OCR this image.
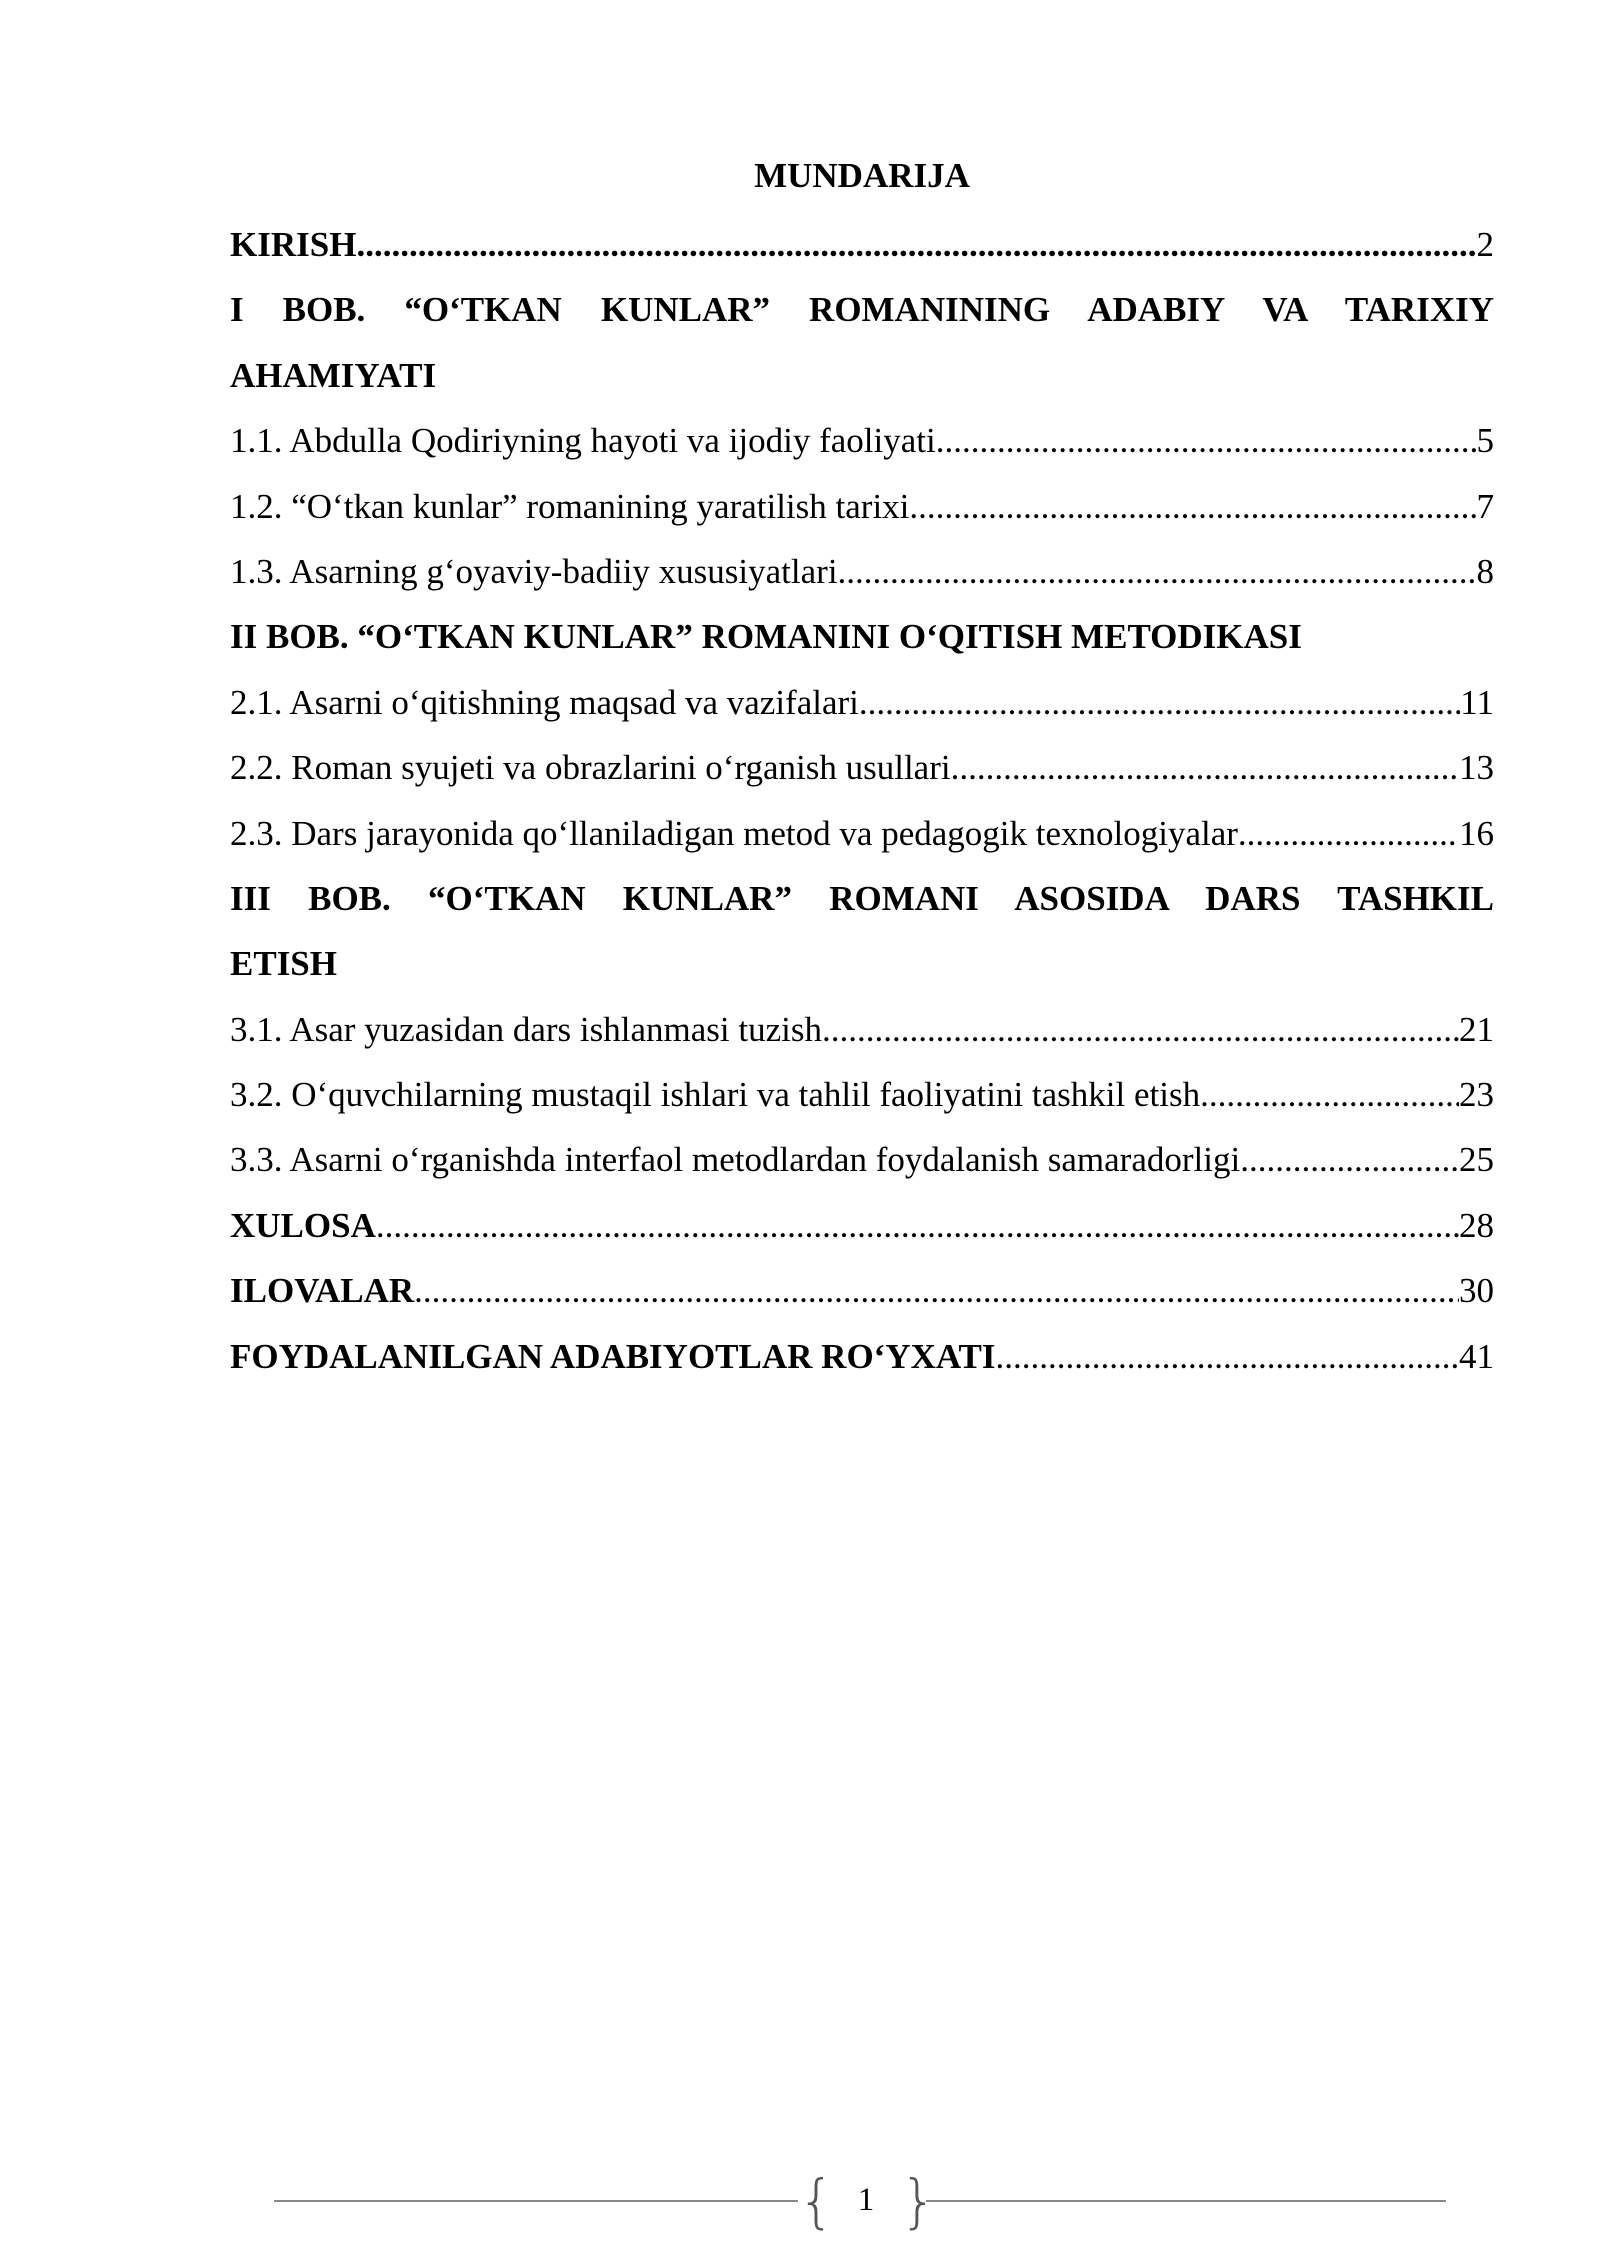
MUNDARIJA
KIRISH .....	2
I BOB. “O‘TKAN KUNLAR” ROMANINING ADABIY VA TARIXIY
AHAMIYATI
1.1. Abdulla Qodiriyning hayoti va ijodiy faoliyati .....	5
1.2. “O‘tkan kunlar” romanining yaratilish tarixi .....	7
1.3. Asarning g‘oyaviy-badiiy xususiyatlari .....	8
II BOB. “O‘TKAN KUNLAR” ROMANINI O‘QITISH METODIKASI
2.1. Asarni o‘qitishning maqsad va vazifalari .....	11
2.2. Roman syujeti va obrazlarini o‘rganish usullari .....	13
2.3. Dars jarayonida qo‘llaniladigan metod va pedagogik texnologiyalar .....	16
III BOB. “O‘TKAN KUNLAR” ROMANI ASOSIDA DARS TASHKIL
ETISH
3.1. Asar yuzasidan dars ishlanmasi tuzish .....	21
3.2. O‘quvchilarning mustaqil ishlari va tahlil faoliyatini tashkil etish .....	23
3.3. Asarni o‘rganishda interfaol metodlardan foydalanish samaradorligi .....	25
XULOSA .....	28
ILOVALAR .....	30
FOYDALANILGAN ADABIYOTLAR RO‘YXATI .....	41
{ 1 }
